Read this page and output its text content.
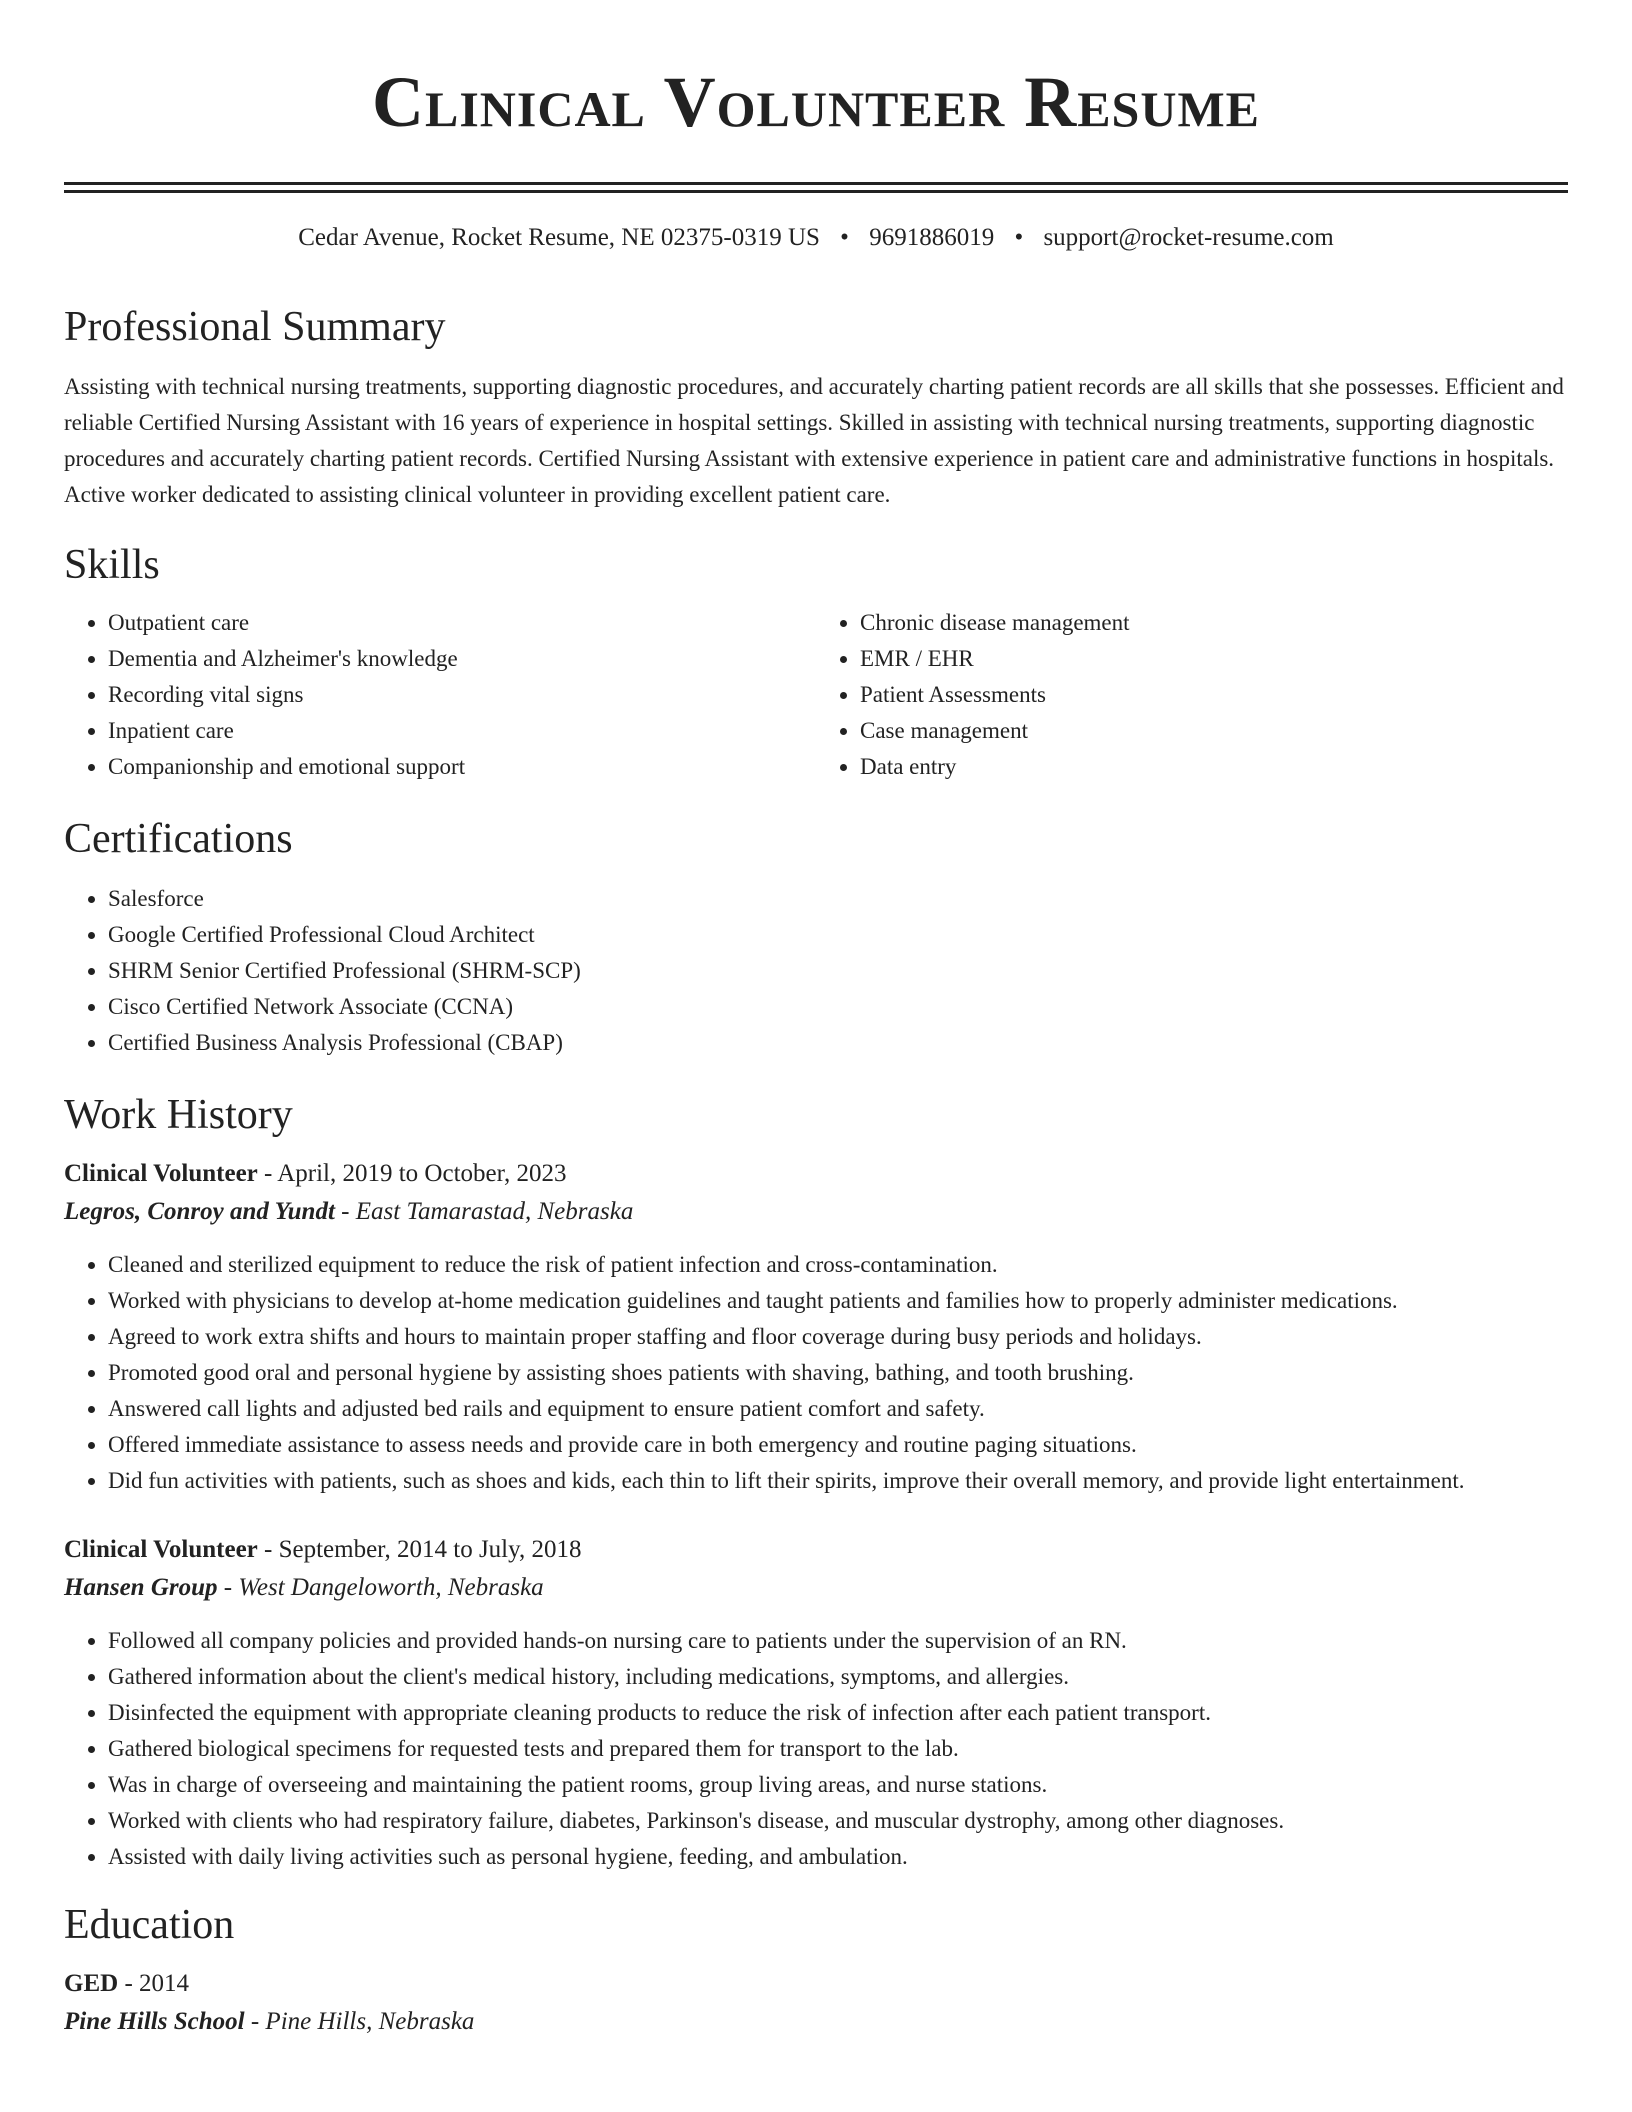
Clinical Volunteer Resume
Cedar Avenue, Rocket Resume, NE 02375-0319 US • 9691886019 • support@rocket-resume.com
Professional Summary

Assisting with technical nursing treatments, supporting diagnostic procedures, and accurately charting patient records are all skills that she possesses. Efficient and reliable Certified Nursing Assistant with 16 years of experience in hospital settings. Skilled in assisting with technical nursing treatments, supporting diagnostic procedures and accurately charting patient records. Certified Nursing Assistant with extensive experience in patient care and administrative functions in hospitals. Active worker dedicated to assisting clinical volunteer in providing excellent patient care.

Skills
• Outpatient care
• Dementia and Alzheimer's knowledge
• Recording vital signs
• Inpatient care
• Companionship and emotional support
• Chronic disease management
• EMR / EHR
• Patient Assessments
• Case management
• Data entry
Certifications
• Salesforce
• Google Certified Professional Cloud Architect
• SHRM Senior Certified Professional (SHRM-SCP)
• Cisco Certified Network Associate (CCNA)
• Certified Business Analysis Professional (CBAP)
Work History
Clinical Volunteer - April, 2019 to October, 2023
Legros, Conroy and Yundt - East Tamarastad, Nebraska
• Cleaned and sterilized equipment to reduce the risk of patient infection and cross-contamination.
• Worked with physicians to develop at-home medication guidelines and taught patients and families how to properly administer medications.
• Agreed to work extra shifts and hours to maintain proper staffing and floor coverage during busy periods and holidays.
• Promoted good oral and personal hygiene by assisting shoes patients with shaving, bathing, and tooth brushing.
• Answered call lights and adjusted bed rails and equipment to ensure patient comfort and safety.
• Offered immediate assistance to assess needs and provide care in both emergency and routine paging situations.
• Did fun activities with patients, such as shoes and kids, each thin to lift their spirits, improve their overall memory, and provide light entertainment.
Clinical Volunteer - September, 2014 to July, 2018
Hansen Group - West Dangeloworth, Nebraska
• Followed all company policies and provided hands-on nursing care to patients under the supervision of an RN.
• Gathered information about the client's medical history, including medications, symptoms, and allergies.
• Disinfected the equipment with appropriate cleaning products to reduce the risk of infection after each patient transport.
• Gathered biological specimens for requested tests and prepared them for transport to the lab.
• Was in charge of overseeing and maintaining the patient rooms, group living areas, and nurse stations.
• Worked with clients who had respiratory failure, diabetes, Parkinson's disease, and muscular dystrophy, among other diagnoses.
• Assisted with daily living activities such as personal hygiene, feeding, and ambulation.
Education
GED - 2014
Pine Hills School - Pine Hills, Nebraska
